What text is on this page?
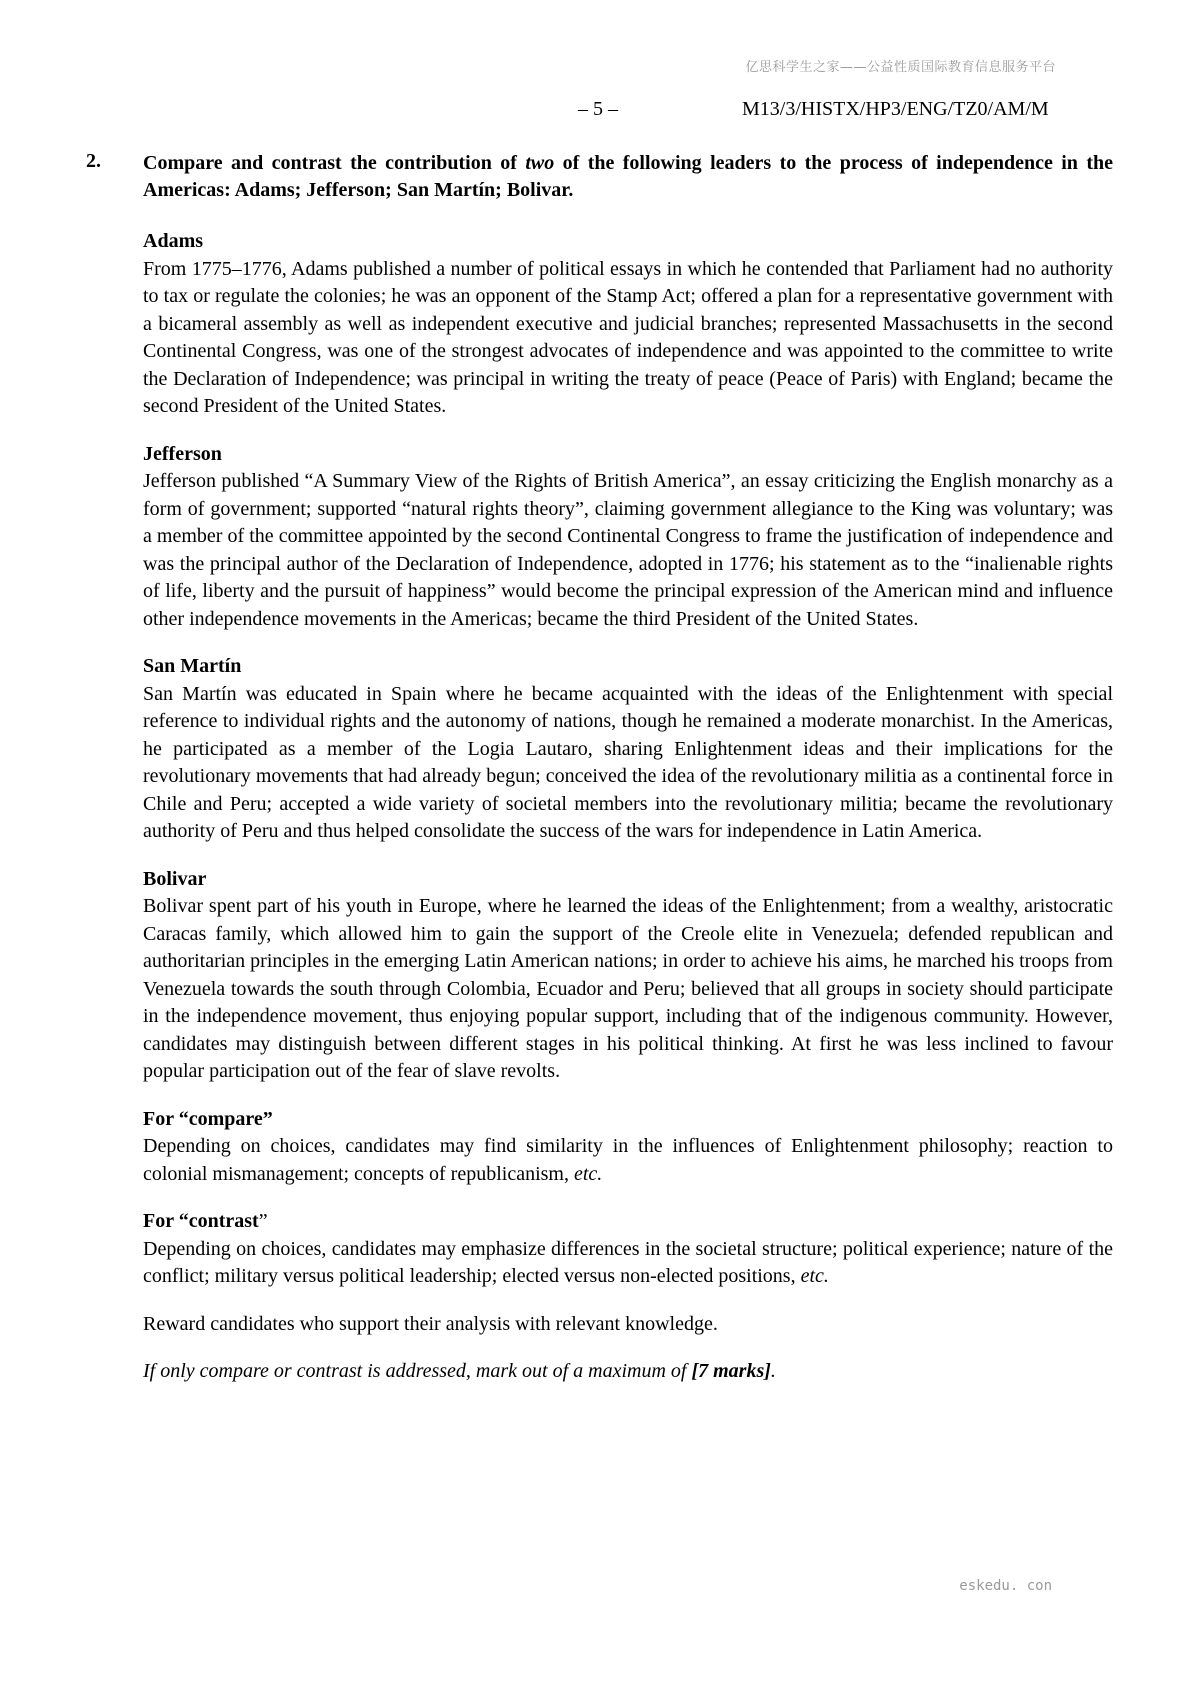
亿思科学生之家——公益性质国际教育信息服务平台
– 5 –	M13/3/HISTX/HP3/ENG/TZ0/AM/M
2. Compare and contrast the contribution of two of the following leaders to the process of independence in the Americas: Adams; Jefferson; San Martín; Bolivar.
Adams

From 1775–1776, Adams published a number of political essays in which he contended that Parliament had no authority to tax or regulate the colonies; he was an opponent of the Stamp Act; offered a plan for a representative government with a bicameral assembly as well as independent executive and judicial branches; represented Massachusetts in the second Continental Congress, was one of the strongest advocates of independence and was appointed to the committee to write the Declaration of Independence; was principal in writing the treaty of peace (Peace of Paris) with England; became the second President of the United States.

Jefferson

Jefferson published “A Summary View of the Rights of British America”, an essay criticizing the English monarchy as a form of government; supported “natural rights theory”, claiming government allegiance to the King was voluntary; was a member of the committee appointed by the second Continental Congress to frame the justification of independence and was the principal author of the Declaration of Independence, adopted in 1776; his statement as to the “inalienable rights of life, liberty and the pursuit of happiness” would become the principal expression of the American mind and influence other independence movements in the Americas; became the third President of the United States.

San Martín

San Martín was educated in Spain where he became acquainted with the ideas of the Enlightenment with special reference to individual rights and the autonomy of nations, though he remained a moderate monarchist. In the Americas, he participated as a member of the Logia Lautaro, sharing Enlightenment ideas and their implications for the revolutionary movements that had already begun; conceived the idea of the revolutionary militia as a continental force in Chile and Peru; accepted a wide variety of societal members into the revolutionary militia; became the revolutionary authority of Peru and thus helped consolidate the success of the wars for independence in Latin America.

Bolivar

Bolivar spent part of his youth in Europe, where he learned the ideas of the Enlightenment; from a wealthy, aristocratic Caracas family, which allowed him to gain the support of the Creole elite in Venezuela; defended republican and authoritarian principles in the emerging Latin American nations; in order to achieve his aims, he marched his troops from Venezuela towards the south through Colombia, Ecuador and Peru; believed that all groups in society should participate in the independence movement, thus enjoying popular support, including that of the indigenous community. However, candidates may distinguish between different stages in his political thinking. At first he was less inclined to favour popular participation out of the fear of slave revolts.

For “compare”

Depending on choices, candidates may find similarity in the influences of Enlightenment philosophy; reaction to colonial mismanagement; concepts of republicanism, etc.

For “contrast”

Depending on choices, candidates may emphasize differences in the societal structure; political experience; nature of the conflict; military versus political leadership; elected versus non-elected positions, etc.

Reward candidates who support their analysis with relevant knowledge.

If only compare or contrast is addressed, mark out of a maximum of [7 marks].

eskedu. con
